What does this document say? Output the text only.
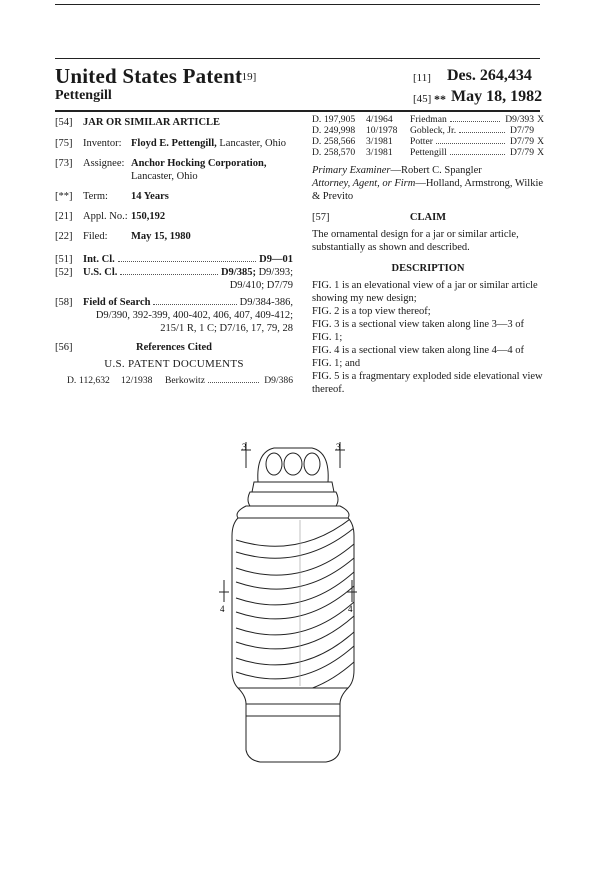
United States Patent
[19]
Pettengill
[11] Des. 264,434
[45] ** May 18, 1982
[54]	JAR OR SIMILAR ARTICLE
[75]	Inventor: Floyd E. Pettengill, Lancaster, Ohio
[73]	Assignee: Anchor Hocking Corporation,
Lancaster, Ohio
[**]	Term: 14 Years
[21]	Appl. No.: 150,192
[22]	Filed: May 15, 1980
[51] Int. Cl.	D9—01
[52] U.S. Cl.	D9/385;
D9/393;
D9/410; D7/79
[58] Field of Search	D9/384-386,
D9/390, 392-399, 400-402, 406, 407, 409-412;
215/1 R, 1 C; D7/16, 17, 79, 28
[56]	References Cited
U.S. PATENT DOCUMENTS
D. 112,632	12/1938	Berkowitz	D9/386
D. 197,905	4/1964	Friedman	D9/393 X
D. 249,998	10/1978	Gobleck, Jr.	D7/79
D. 258,566	3/1981	Potter	D7/79 X
D. 258,570	3/1981	Pettengill	D7/79 X
Primary Examiner—Robert C. Spangler
Attorney, Agent, or Firm—Holland, Armstrong, Wilkie
& Previto
[57]	CLAIM

The ornamental design for a jar or similar article, substantially as shown and described.

DESCRIPTION

FIG. 1 is an elevational view of a jar or similar article showing my new design;

FIG. 2 is a top view thereof;

FIG. 3 is a sectional view taken along line 3—3 of FIG. 1;

FIG. 4 is a sectional view taken along line 4—4 of FIG. 1; and

FIG. 5 is a fragmentary exploded side elevational view thereof.

3	3
4	4
